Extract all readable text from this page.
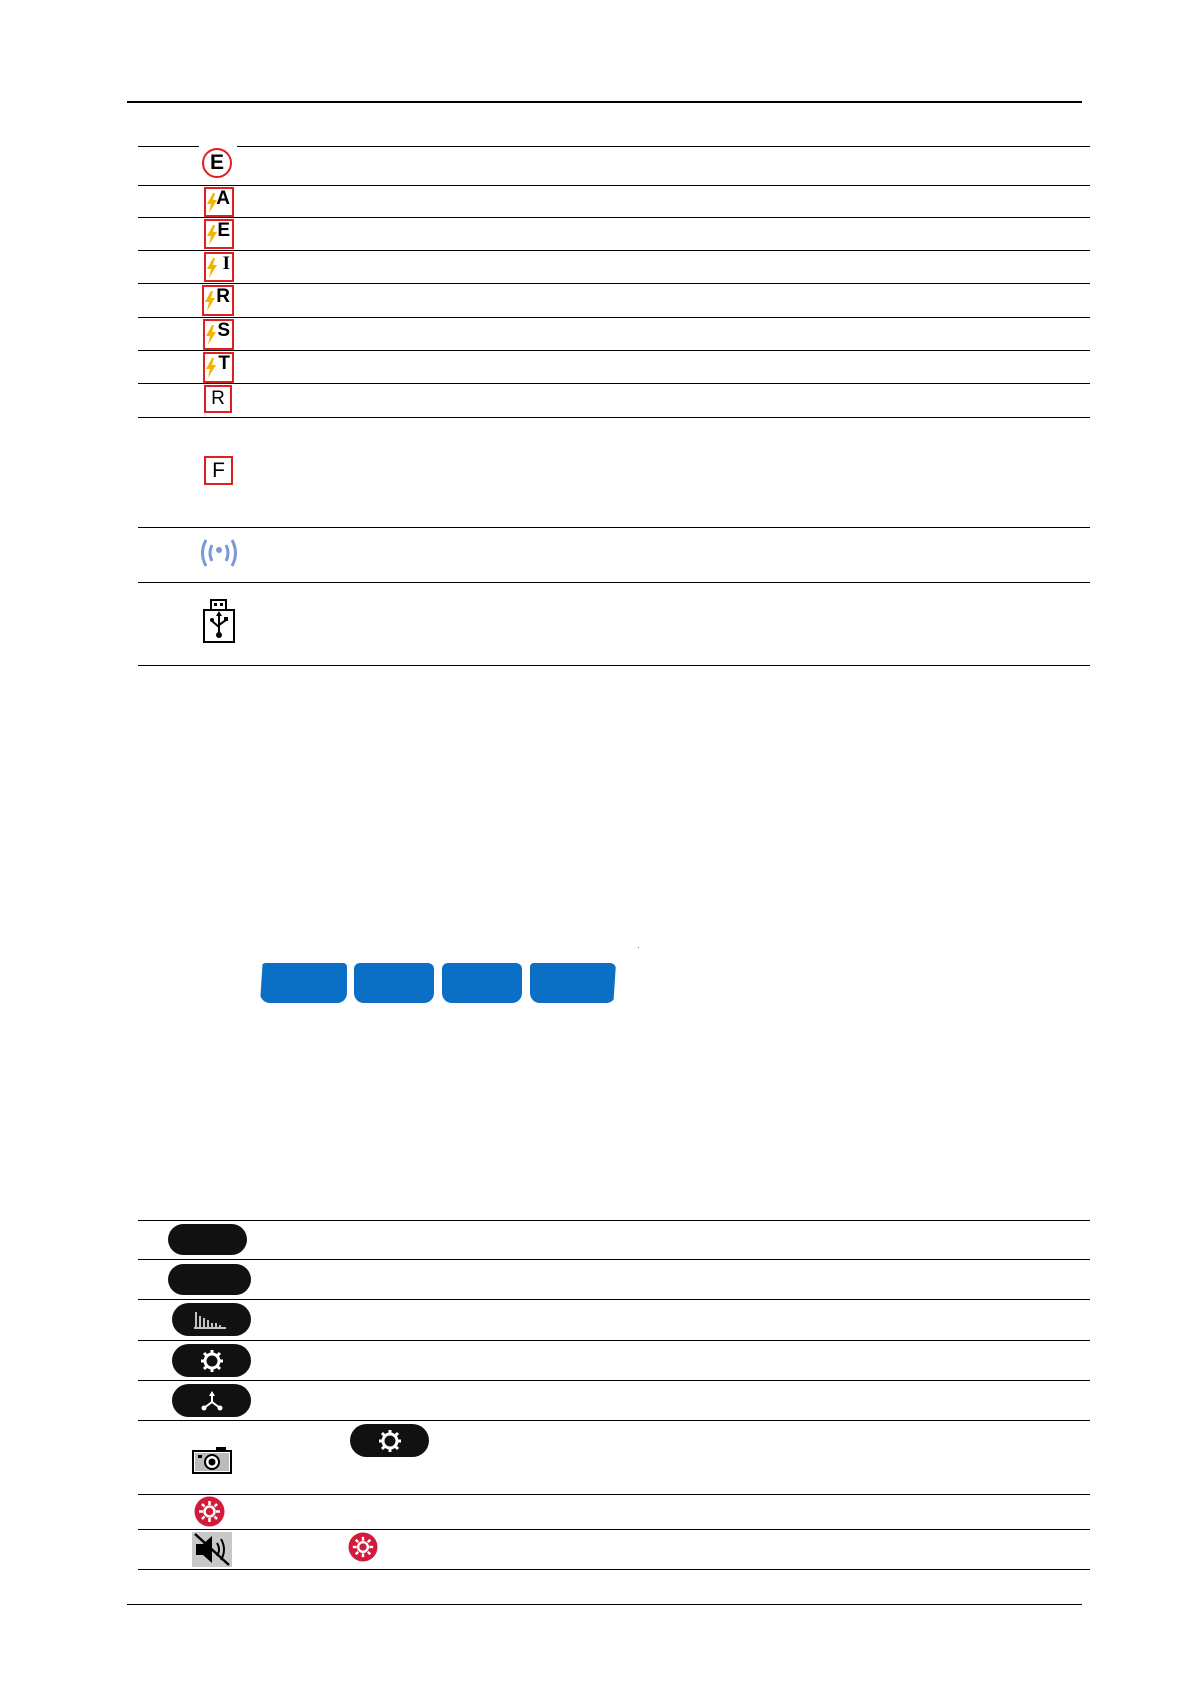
E
A
E
I
R
S
T
R
F
